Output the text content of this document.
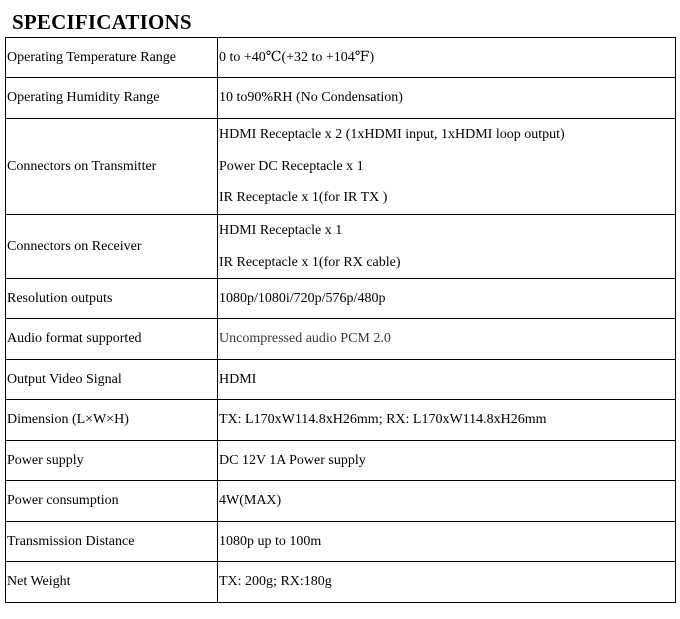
SPECIFICATIONS
Operating Temperature Range	0 to +40℃(+32 to +104℉)
Operating Humidity Range	10 to90%RH (No Condensation)
Connectors on Transmitter	HDMI Receptacle x 2 (1xHDMI input, 1xHDMI loop output)
Power DC Receptacle x 1
IR Receptacle x 1(for IR TX )

Connectors on Receiver	HDMI Receptacle x 1
IR Receptacle x 1(for RX cable)

Resolution outputs	1080p/1080i/720p/576p/480p
Audio format supported	Uncompressed audio PCM 2.0
Output Video Signal	HDMI
Dimension (L×W×H)	TX: L170xW114.8xH26mm; RX: L170xW114.8xH26mm
Power supply	DC 12V 1A Power supply
Power consumption	4W(MAX)
Transmission Distance	1080p up to 100m
Net Weight	TX: 200g; RX:180g
